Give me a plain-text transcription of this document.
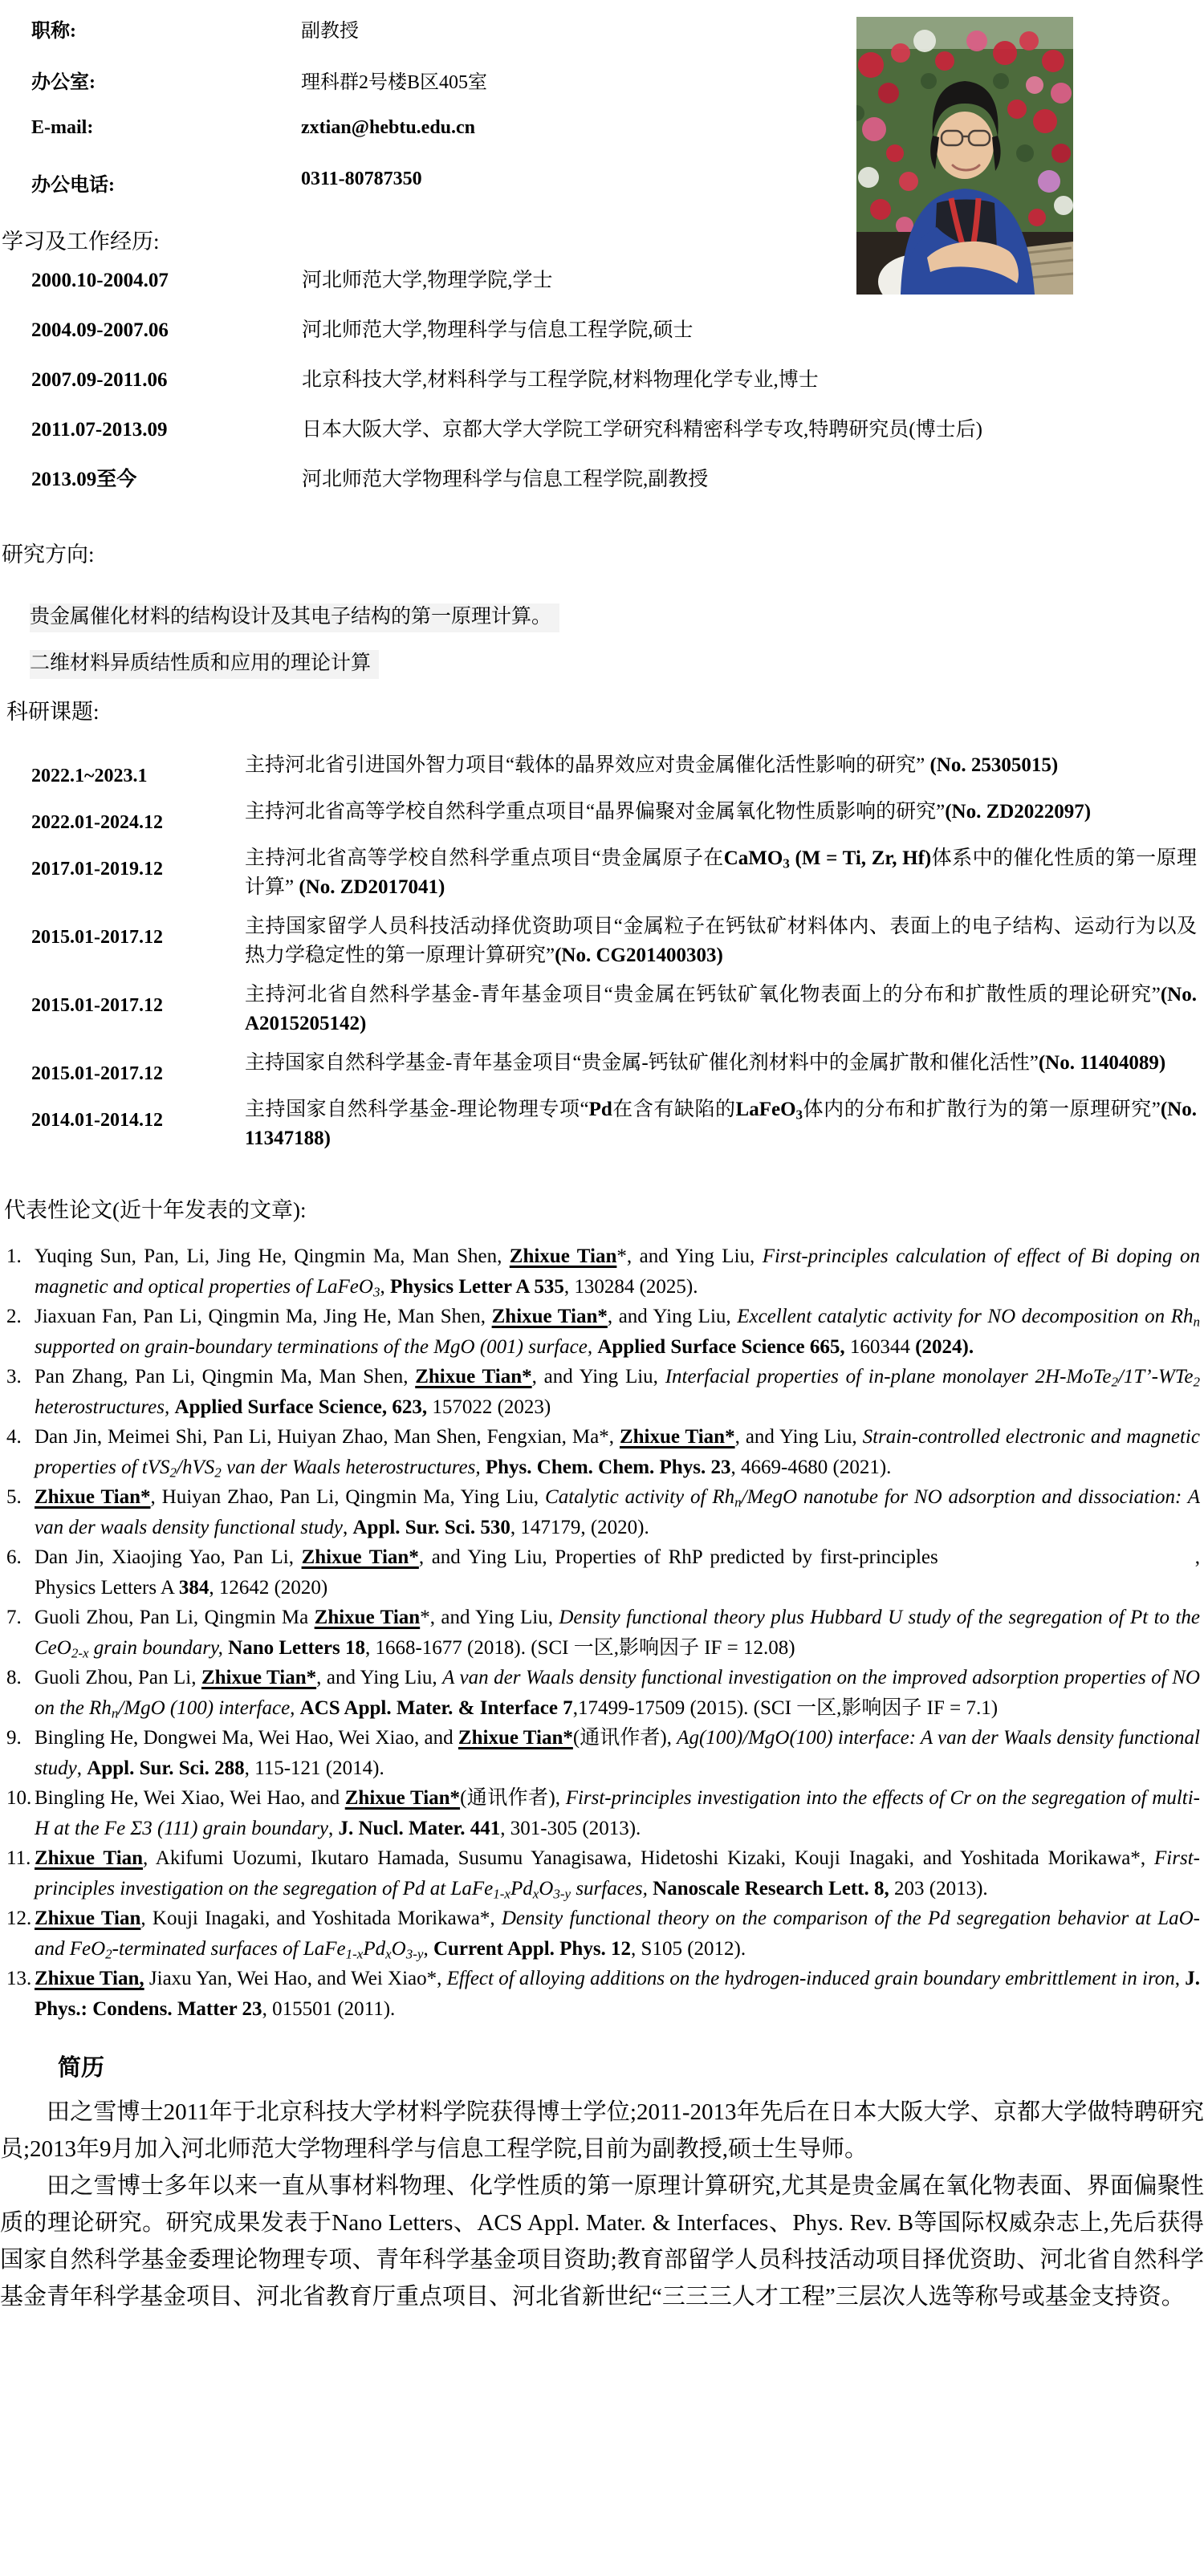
职称:	副教授
办公室:	理科群2号楼B区405室
E-mail:	zxtian@hebtu.edu.cn
办公电话:	0311-80787350
学习及工作经历:
2000.10-2004.07	河北师范大学,物理学院,学士
2004.09-2007.06	河北师范大学,物理科学与信息工程学院,硕士
2007.09-2011.06	北京科技大学,材料科学与工程学院,材料物理化学专业,博士
2011.07-2013.09	日本大阪大学、京都大学大学院工学研究科精密科学专攻,特聘研究员(博士后)
2013.09至今	河北师范大学物理科学与信息工程学院,副教授
研究方向:
贵金属催化材料的结构设计及其电子结构的第一原理计算。
二维材料异质结性质和应用的理论计算
科研课题:
2022.1~2023.1	主持河北省引进国外智力项目“载体的晶界效应对贵金属催化活性影响的研究” (No. 25305015)
2022.01-2024.12	主持河北省高等学校自然科学重点项目“晶界偏聚对金属氧化物性质影响的研究”(No. ZD2022097)
2017.01-2019.12	主持河北省高等学校自然科学重点项目“贵金属原子在CaMO3 (M = Ti, Zr, Hf)体系中的催化性质的第一原理计算” (No. ZD2017041)
2015.01-2017.12	主持国家留学人员科技活动择优资助项目“金属粒子在钙钛矿材料体内、表面上的电子结构、运动行为以及热力学稳定性的第一原理计算研究”(No. CG201400303)
2015.01-2017.12	主持河北省自然科学基金-青年基金项目“贵金属在钙钛矿氧化物表面上的分布和扩散性质的理论研究”(No. A2015205142)
2015.01-2017.12	主持国家自然科学基金-青年基金项目“贵金属-钙钛矿催化剂材料中的金属扩散和催化活性”(No. 11404089)
2014.01-2014.12	主持国家自然科学基金-理论物理专项“Pd在含有缺陷的LaFeO3体内的分布和扩散行为的第一原理研究”(No. 11347188)
代表性论文(近十年发表的文章):
1. Yuqing Sun, Pan, Li, Jing He, Qingmin Ma, Man Shen, Zhixue Tian*, and Ying Liu, First-principles calculation of effect of Bi doping on magnetic and optical properties of LaFeO3, Physics Letter A 535, 130284 (2025).
2. Jiaxuan Fan, Pan Li, Qingmin Ma, Jing He, Man Shen, Zhixue Tian*, and Ying Liu, Excellent catalytic activity for NO decomposition on Rhn supported on grain-boundary terminations of the MgO (001) surface, Applied Surface Science 665, 160344 (2024).
3. Pan Zhang, Pan Li, Qingmin Ma, Man Shen, Zhixue Tian*, and Ying Liu, Interfacial properties of in-plane monolayer 2H-MoTe2/1T’-WTe2 heterostructures, Applied Surface Science, 623, 157022 (2023)
4. Dan Jin, Meimei Shi, Pan Li, Huiyan Zhao, Man Shen, Fengxian, Ma*, Zhixue Tian*, and Ying Liu, Strain-controlled electronic and magnetic properties of tVS2/hVS2 van der Waals heterostructures, Phys. Chem. Chem. Phys. 23, 4669-4680 (2021).
5. Zhixue Tian*, Huiyan Zhao, Pan Li, Qingmin Ma, Ying Liu, Catalytic activity of Rhn/MegO nanotube for NO adsorption and dissociation: A van der waals density functional study, Appl. Sur. Sci. 530, 147179, (2020).
6. Dan Jin, Xiaojing Yao, Pan Li, Zhixue Tian*, and Ying Liu, Properties of RhP predicted by first-principles	, Physics Letters A 384, 12642 (2020)
7. Guoli Zhou, Pan Li, Qingmin Ma Zhixue Tian*, and Ying Liu, Density functional theory plus Hubbard U study of the segregation of Pt to the CeO2-x grain boundary, Nano Letters 18, 1668-1677 (2018). (SCI 一区,影响因子 IF = 12.08)
8. Guoli Zhou, Pan Li, Zhixue Tian*, and Ying Liu, A van der Waals density functional investigation on the improved adsorption properties of NO on the Rhn/MgO (100) interface, ACS Appl. Mater. & Interface 7,17499-17509 (2015). (SCI 一区,影响因子 IF = 7.1)
9. Bingling He, Dongwei Ma, Wei Hao, Wei Xiao, and Zhixue Tian*(通讯作者), Ag(100)/MgO(100) interface: A van der Waals density functional study, Appl. Sur. Sci. 288, 115-121 (2014).
10. Bingling He, Wei Xiao, Wei Hao, and Zhixue Tian*(通讯作者), First-principles investigation into the effects of Cr on the segregation of multi-H at the Fe Σ3 (111) grain boundary, J. Nucl. Mater. 441, 301-305 (2013).
11. Zhixue Tian, Akifumi Uozumi, Ikutaro Hamada, Susumu Yanagisawa, Hidetoshi Kizaki, Kouji Inagaki, and Yoshitada Morikawa*, First-principles investigation on the segregation of Pd at LaFe1-xPdxO3-y surfaces, Nanoscale Research Lett. 8, 203 (2013).
12. Zhixue Tian, Kouji Inagaki, and Yoshitada Morikawa*, Density functional theory on the comparison of the Pd segregation behavior at LaO- and FeO2-terminated surfaces of LaFe1-xPdxO3-y, Current Appl. Phys. 12, S105 (2012).
13. Zhixue Tian, Jiaxu Yan, Wei Hao, and Wei Xiao*, Effect of alloying additions on the hydrogen-induced grain boundary embrittlement in iron, J. Phys.: Condens. Matter 23, 015501 (2011).
简历

田之雪博士2011年于北京科技大学材料学院获得博士学位;2011-2013年先后在日本大阪大学、京都大学做特聘研究员;2013年9月加入河北师范大学物理科学与信息工程学院,目前为副教授,硕士生导师。

田之雪博士多年以来一直从事材料物理、化学性质的第一原理计算研究,尤其是贵金属在氧化物表面、界面偏聚性质的理论研究。研究成果发表于Nano Letters、ACS Appl. Mater. & Interfaces、Phys. Rev. B等国际权威杂志上,先后获得国家自然科学基金委理论物理专项、青年科学基金项目资助;教育部留学人员科技活动项目择优资助、河北省自然科学基金青年科学基金项目、河北省教育厅重点项目、河北省新世纪“三三三人才工程”三层次人选等称号或基金支持资。
